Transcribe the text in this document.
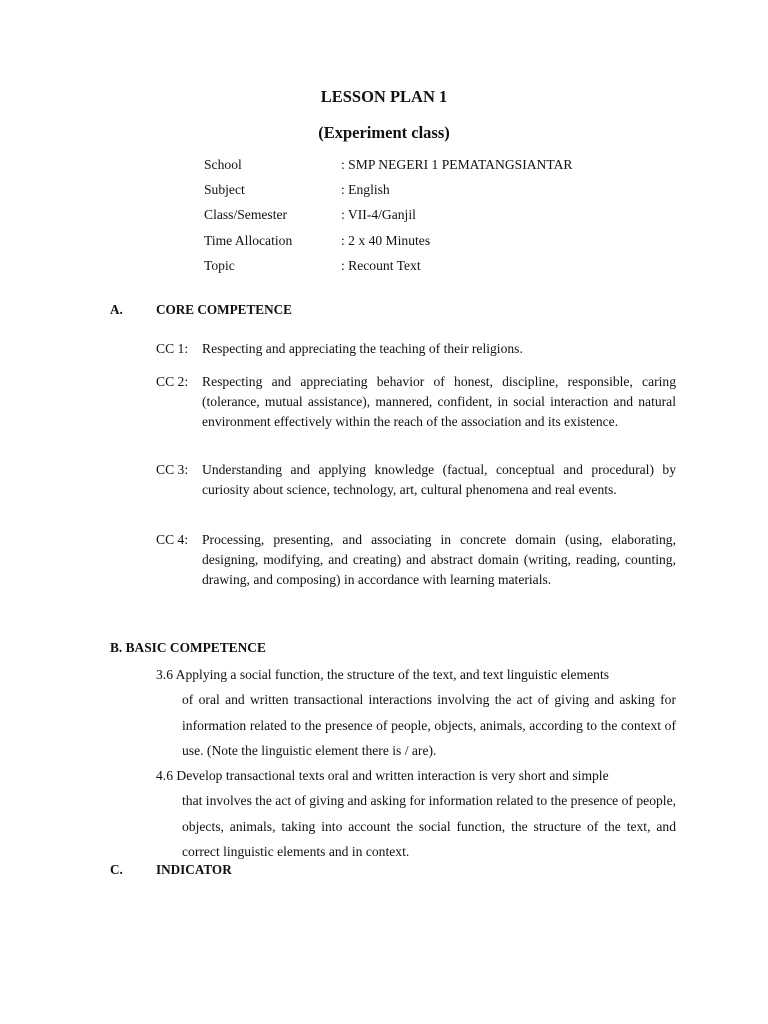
LESSON PLAN 1
(Experiment class)
School	: SMP NEGERI 1 PEMATANGSIANTAR
Subject	: English
Class/Semester	: VII-4/Ganjil
Time Allocation	: 2 x 40 Minutes
Topic	: Recount Text
A.	CORE COMPETENCE
CC 1: Respecting and appreciating the teaching of their religions.
CC 2: Respecting and appreciating behavior of honest, discipline, responsible, caring (tolerance, mutual assistance), mannered, confident, in social interaction and natural environment effectively within the reach of the association and its existence.
CC 3: Understanding and applying knowledge (factual, conceptual and procedural) by curiosity about science, technology, art, cultural phenomena and real events.
CC 4: Processing, presenting, and associating in concrete domain (using, elaborating, designing, modifying, and creating) and abstract domain (writing, reading, counting, drawing, and composing) in accordance with learning materials.
B. BASIC COMPETENCE
3.6 Applying a social function, the structure of the text, and text linguistic elements
of oral and written transactional interactions involving the act of giving and asking for information related to the presence of people, objects, animals, according to the context of use. (Note the linguistic element there is / are).
4.6 Develop transactional texts oral and written interaction is very short and simple
that involves the act of giving and asking for information related to the presence of people, objects, animals, taking into account the social function, the structure of the text, and correct linguistic elements and in context.
C.	INDICATOR
